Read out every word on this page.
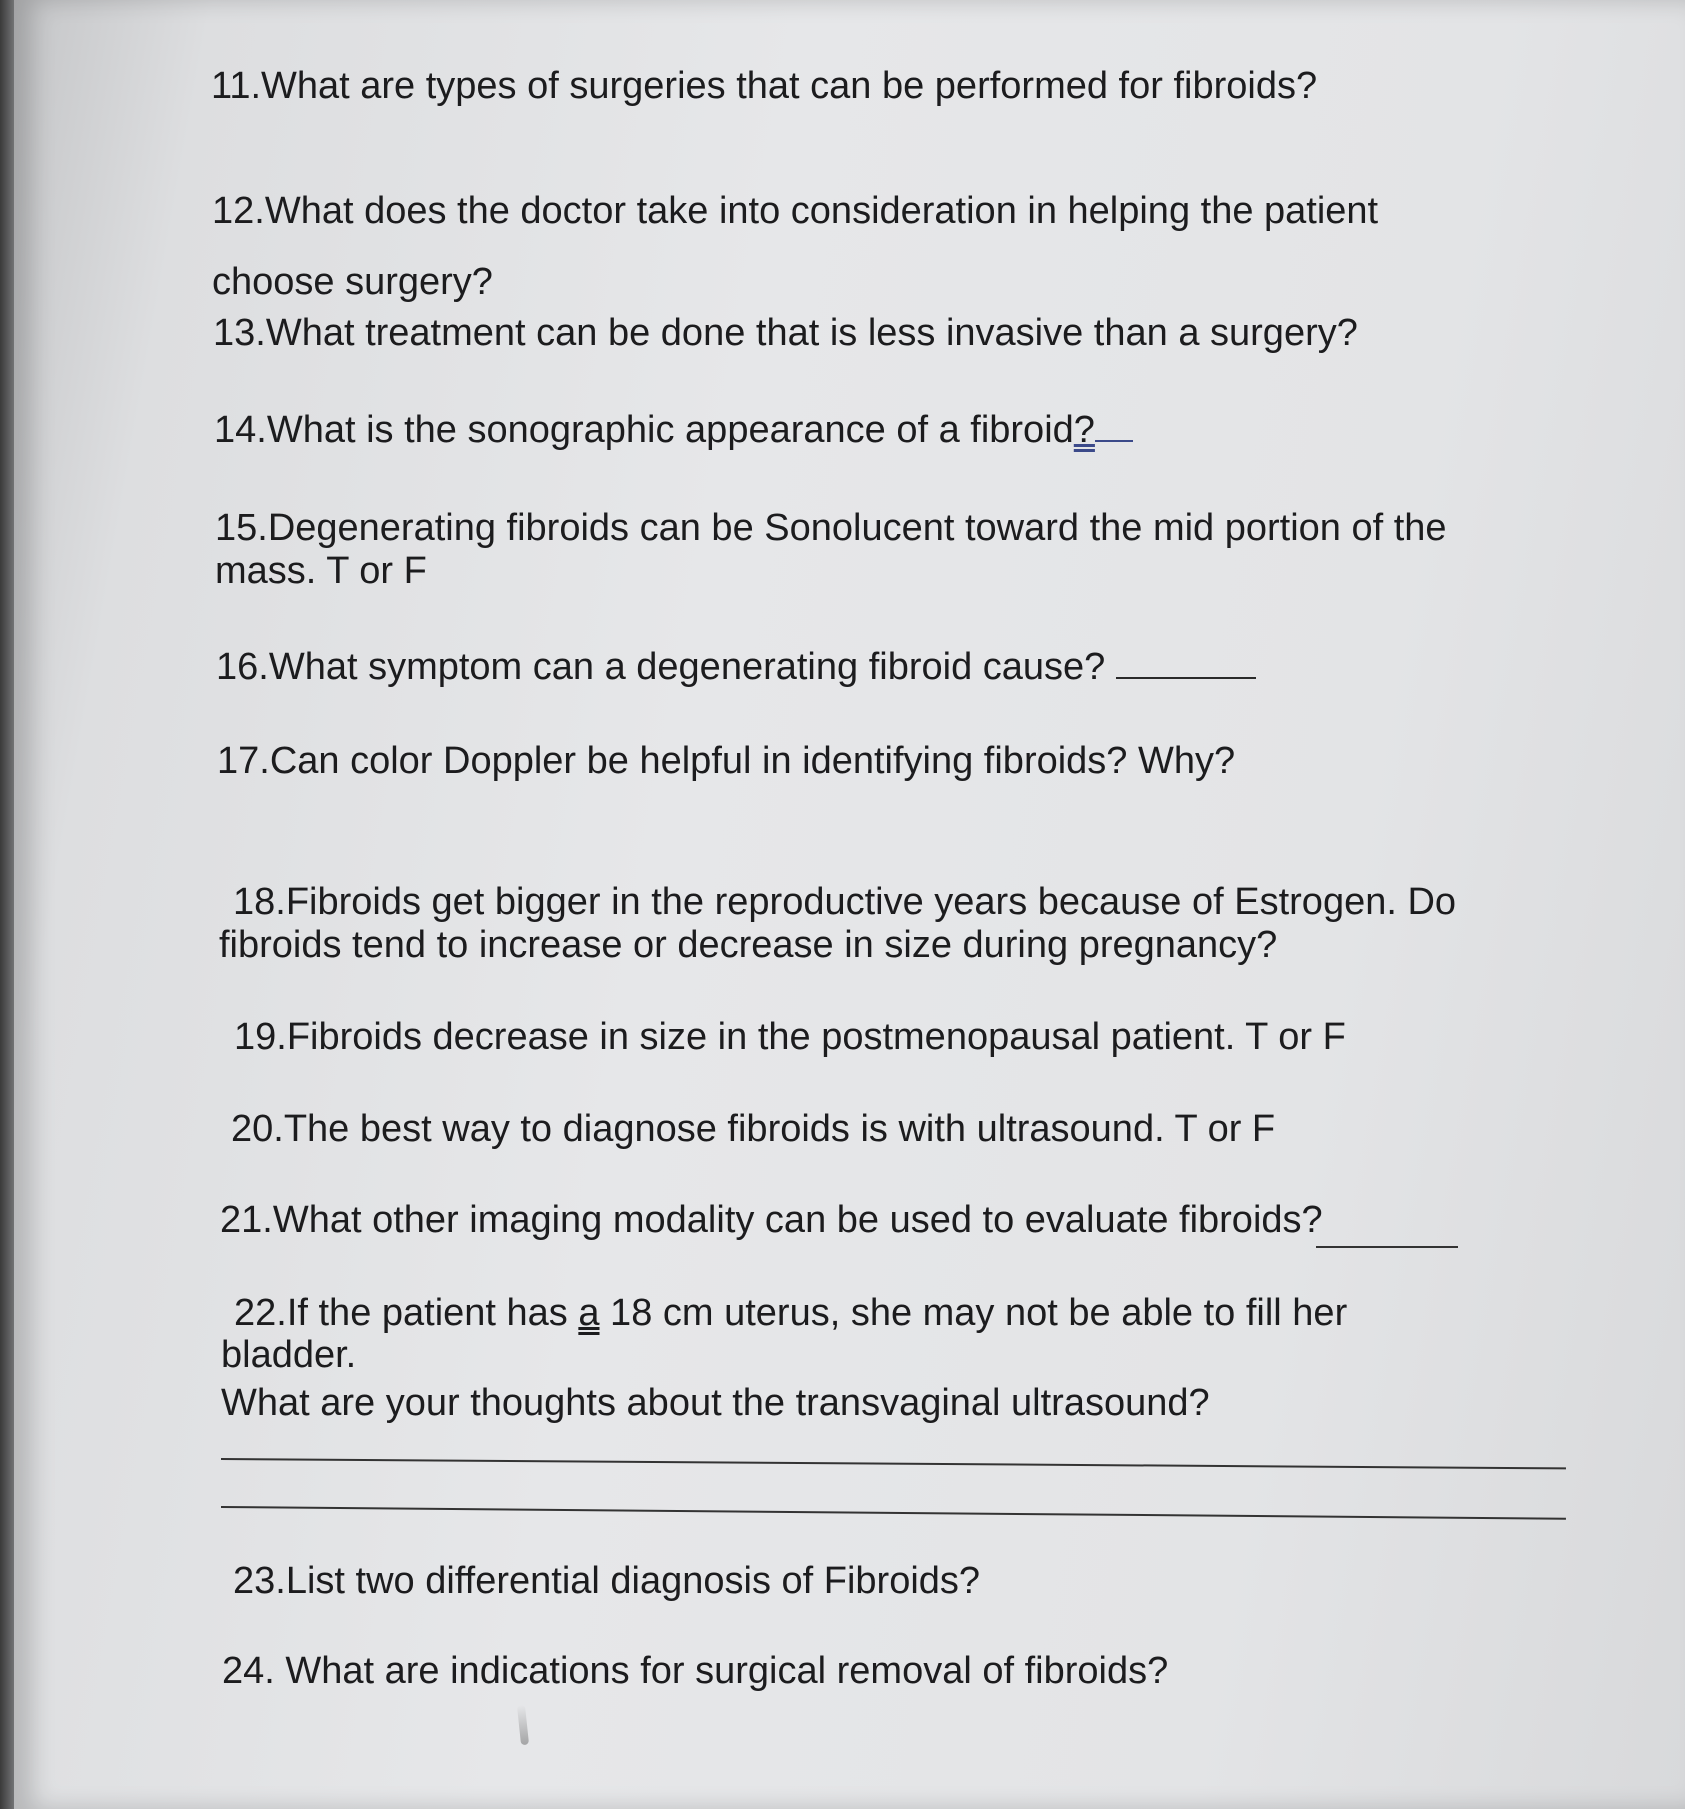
11.What are types of surgeries that can be performed for fibroids?

12.What does the doctor take into consideration in helping the patient

choose surgery?

13.What treatment can be done that is less invasive than a surgery?

14.What is the sonographic appearance of a fibroid?

15.Degenerating fibroids can be Sonolucent toward the mid portion of the

mass. T or F

16.What symptom can a degenerating fibroid cause?

17.Can color Doppler be helpful in identifying fibroids? Why?

18.Fibroids get bigger in the reproductive years because of Estrogen. Do

fibroids tend to increase or decrease in size during pregnancy?

19.Fibroids decrease in size in the postmenopausal patient. T or F

20.The best way to diagnose fibroids is with ultrasound. T or F

21.What other imaging modality can be used to evaluate fibroids?

22.If the patient has a 18 cm uterus, she may not be able to fill her

bladder.

What are your thoughts about the transvaginal ultrasound?

23.List two differential diagnosis of Fibroids?

24. What are indications for surgical removal of fibroids?
